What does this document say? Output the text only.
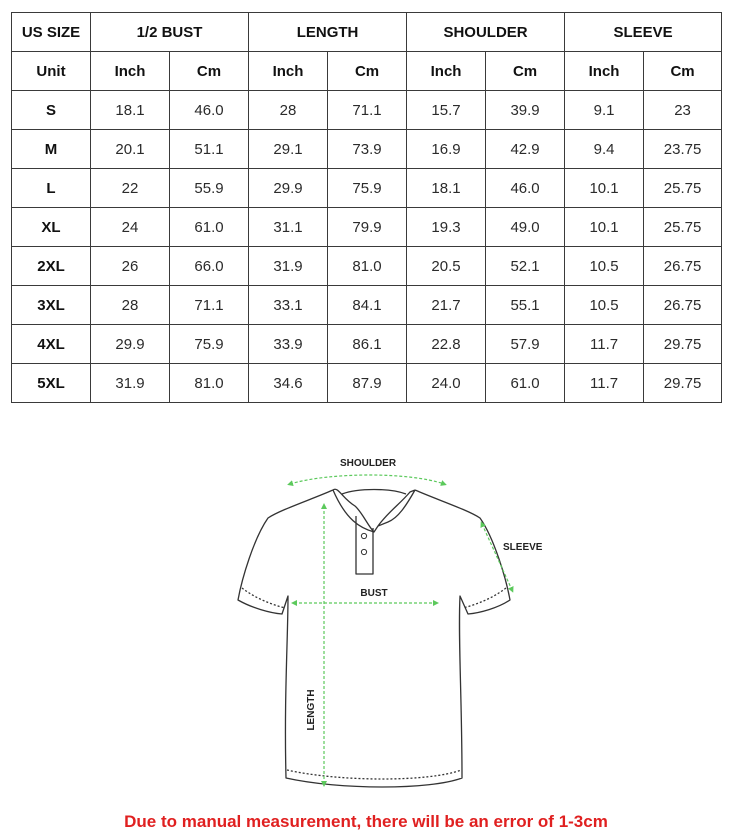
US SIZE	1/2 BUST		LENGTH		SHOULDER		SLEEVE	
Unit	Inch	Cm	Inch	Cm	Inch	Cm	Inch	Cm
S	18.1	46.0	28	71.1	15.7	39.9	9.1	23
M	20.1	51.1	29.1	73.9	16.9	42.9	9.4	23.75
L	22	55.9	29.9	75.9	18.1	46.0	10.1	25.75
XL	24	61.0	31.1	79.9	19.3	49.0	10.1	25.75
2XL	26	66.0	31.9	81.0	20.5	52.1	10.5	26.75
3XL	28	71.1	33.1	84.1	21.7	55.1	10.5	26.75
4XL	29.9	75.9	33.9	86.1	22.8	57.9	11.7	29.75
5XL	31.9	81.0	34.6	87.9	24.0	61.0	11.7	29.75
SHOULDER
SLEEVE
BUST
LENGTH
Due to manual measurement, there will be an error of 1-3cm
